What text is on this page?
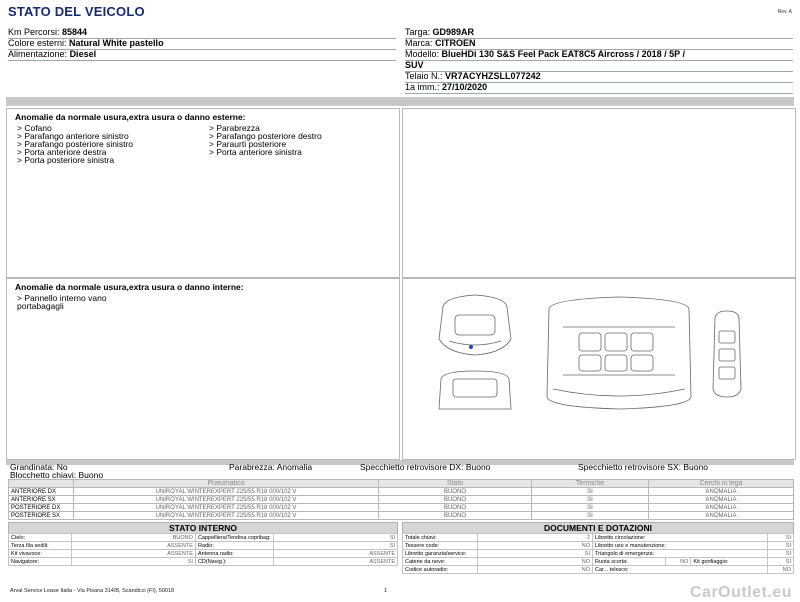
STATO DEL VEICOLO	Rev. A
Km Percorsi: 85844
Colore esterni: Natural White pastello
Alimentazione: Diesel
Targa: GD989AR
Marca: CITROEN
Modello: BlueHDi 130 S&S Feel Pack EAT8C5 Aircross / 2018 / 5P /
SUV
Telaio N.: VR7ACYHZSLL077242
1a imm.: 27/10/2020
Anomalie da normale usura,extra usura o danno esterne:
> Cofano
> Parafango anteriore sinistro
> Parafango posteriore sinistro
> Porta anteriore destra
> Porta posteriore sinistra
> Parabrezza
> Parafango posteriore destro
> Paraurti posteriore
> Porta anteriore sinistra
Anomalie da normale usura,extra usura o danno interne:
> Pannello interno vano
portabagagli
Grandinata: No	Parabrezza: Anomalia	Specchietto retrovisore DX: Buono	Specchietto retrovisore SX: Buono
Blocchetto chiavi: Buono
	Pneumatico	Stato	Termiche	Cerchi in lega
ANTERIORE DX	UNIROYAL WINTEREXPERT 225/55 R18 000/102 V	BUONO	SI	ANOMALIA
ANTERIORE SX	UNIROYAL WINTEREXPERT 225/55 R18 000/102 V	BUONO	SI	ANOMALIA
POSTERIORE DX	UNIROYAL WINTEREXPERT 225/55 R18 000/102 V	BUONO	SI	ANOMALIA
POSTERIORE SX	UNIROYAL WINTEREXPERT 225/55 R18 000/102 V	BUONO	SI	ANOMALIA
STATO INTERNO
Cielo:	BUONO	Cappelliera/Tendina copribag:	SI
Terza fila sedili:	ASSENTE	Radio:	SI
Kit vivavoce:	ASSENTE	Antenna radio:	ASSENTE
Navigatore:	SI	CD(Navig.):	ASSENTE
DOCUMENTI E DOTAZIONI
Totale chiavi:	2	Libretto circolazione:			SI
Tessere code:	NO	Libretto uso e manutenzione:			SI
Libretto garanzia/service:	SI	Triangolo di emergenza:			SI
Catene da neve:	NO	Ruota scorta:	NO	Kit gonfiaggio:	SI
Codice autoradio:	NO	Car... telesco:			NO
Arval Service Lease Italia - Via Pisana 314/B, Scandicci (FI), 50018	1	CarOutlet.eu
